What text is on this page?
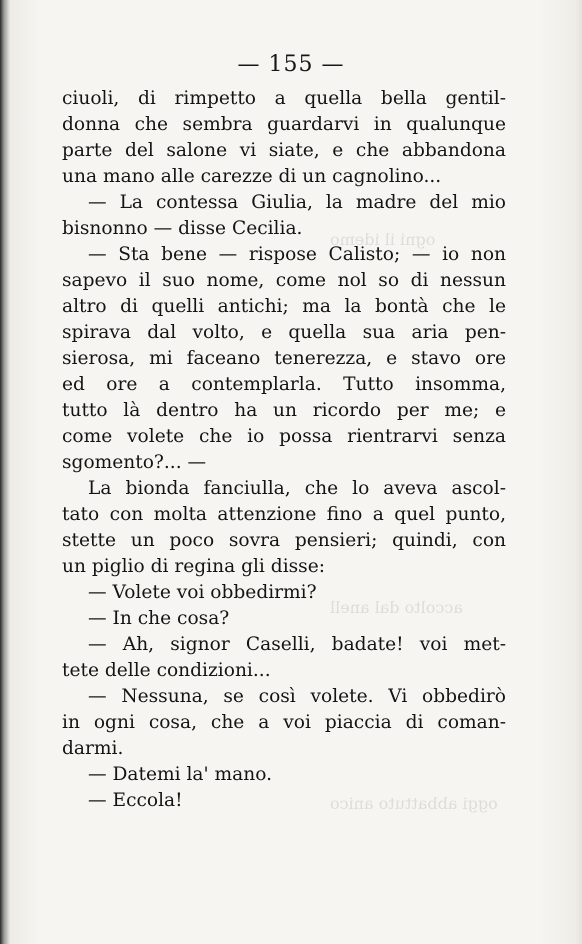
ogni il idemo
accolto dal anell
oggi abbattuto anico
— 155 —
ciuoli, di rimpetto a quella bella gentil-
donna che sembra guardarvi in qualunque
parte del salone vi siate, e che abbandona
una mano alle carezze di un cagnolino...
— La contessa Giulia, la madre del mio
bisnonno — disse Cecilia.
— Sta bene — rispose Calisto; — io non
sapevo il suo nome, come nol so di nessun
altro di quelli antichi; ma la bontà che le
spirava dal volto, e quella sua aria pen-
sierosa, mi faceano tenerezza, e stavo ore
ed ore a contemplarla. Tutto insomma,
tutto là dentro ha un ricordo per me; e
come volete che io possa rientrarvi senza
sgomento?... —
La bionda fanciulla, che lo aveva ascol-
tato con molta attenzione fino a quel punto,
stette un poco sovra pensieri; quindi, con
un piglio di regina gli disse:
— Volete voi obbedirmi?
— In che cosa?
— Ah, signor Caselli, badate! voi met-
tete delle condizioni...
— Nessuna, se così volete. Vi obbedirò
in ogni cosa, che a voi piaccia di coman-
darmi.
— Datemi la' mano.
— Eccola!
